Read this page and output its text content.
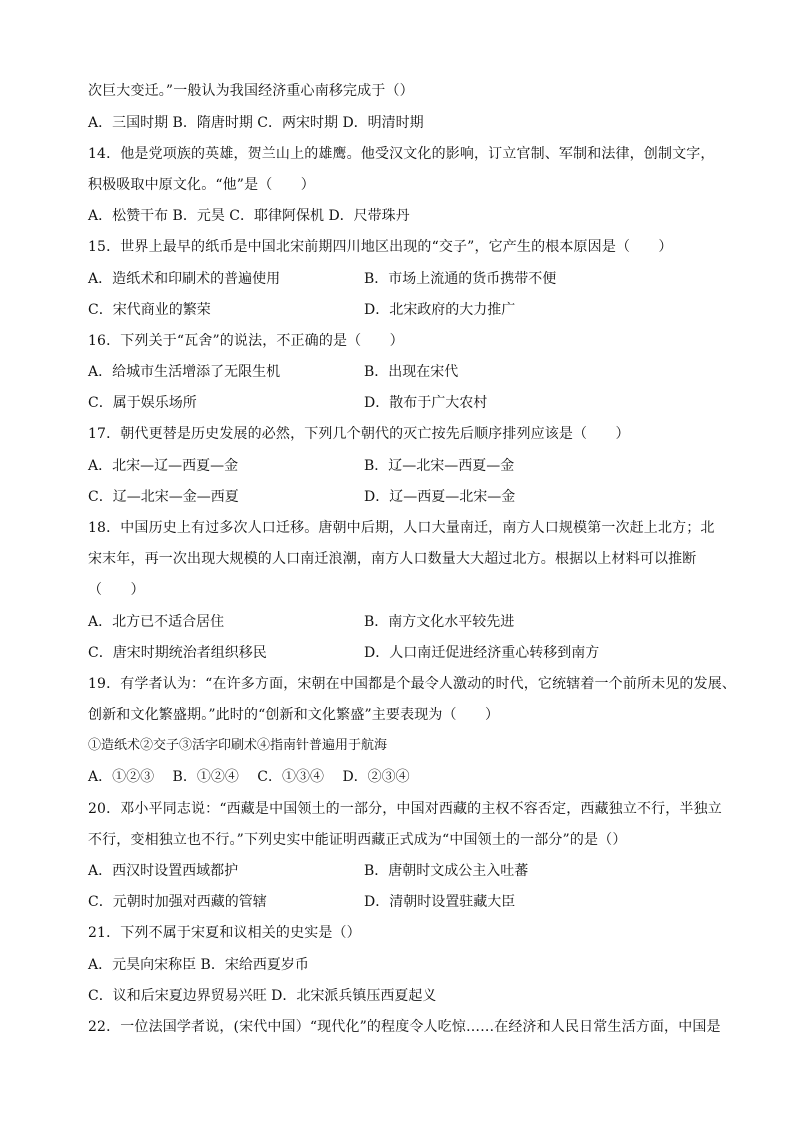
次巨大变迁。”一般认为我国经济重心南移完成于（）
A．三国时期 B．隋唐时期 C．两宋时期 D．明清时期
14．他是党项族的英雄，贺兰山上的雄鹰。他受汉文化的影响，订立官制、军制和法律，创制文字，
积极吸取中原文化。“他”是（　　）
A．松赞干布 B．元昊 C．耶律阿保机 D．尺带珠丹
15．世界上最早的纸币是中国北宋前期四川地区出现的“交子”，它产生的根本原因是（　　）
A．造纸术和印刷术的普遍使用	B．市场上流通的货币携带不便
C．宋代商业的繁荣	D．北宋政府的大力推广
16．下列关于“瓦舍”的说法，不正确的是（　　）
A．给城市生活增添了无限生机	B．出现在宋代
C．属于娱乐场所	D．散布于广大农村
17．朝代更替是历史发展的必然，下列几个朝代的灭亡按先后顺序排列应该是（　　）
A．北宋—辽—西夏—金	B．辽—北宋—西夏—金
C．辽—北宋—金—西夏	D．辽—西夏—北宋—金
18．中国历史上有过多次人口迁移。唐朝中后期，人口大量南迁，南方人口规模第一次赶上北方；北
宋末年，再一次出现大规模的人口南迁浪潮，南方人口数量大大超过北方。根据以上材料可以推断
（　　）
A．北方已不适合居住	B．南方文化水平较先进
C．唐宋时期统治者组织移民	D．人口南迁促进经济重心转移到南方
19．有学者认为：“在许多方面，宋朝在中国都是个最令人激动的时代，它统辖着一个前所未见的发展、
创新和文化繁盛期。”此时的“创新和文化繁盛”主要表现为（　　）
①造纸术②交子③活字印刷术④指南针普遍用于航海
A．①②③　 B．①②④　 C．①③④　 D．②③④
20．邓小平同志说：“西藏是中国领土的一部分，中国对西藏的主权不容否定，西藏独立不行，半独立
不行，变相独立也不行。”下列史实中能证明西藏正式成为“中国领土的一部分”的是（）
A．西汉时设置西域都护	B．唐朝时文成公主入吐蕃
C．元朝时加强对西藏的管辖	D．清朝时设置驻藏大臣
21．下列不属于宋夏和议相关的史实是（）
A．元昊向宋称臣 B．宋给西夏岁币
C．议和后宋夏边界贸易兴旺 D．北宋派兵镇压西夏起义
22．一位法国学者说，(宋代中国）“现代化”的程度令人吃惊……在经济和人民日常生活方面，中国是
